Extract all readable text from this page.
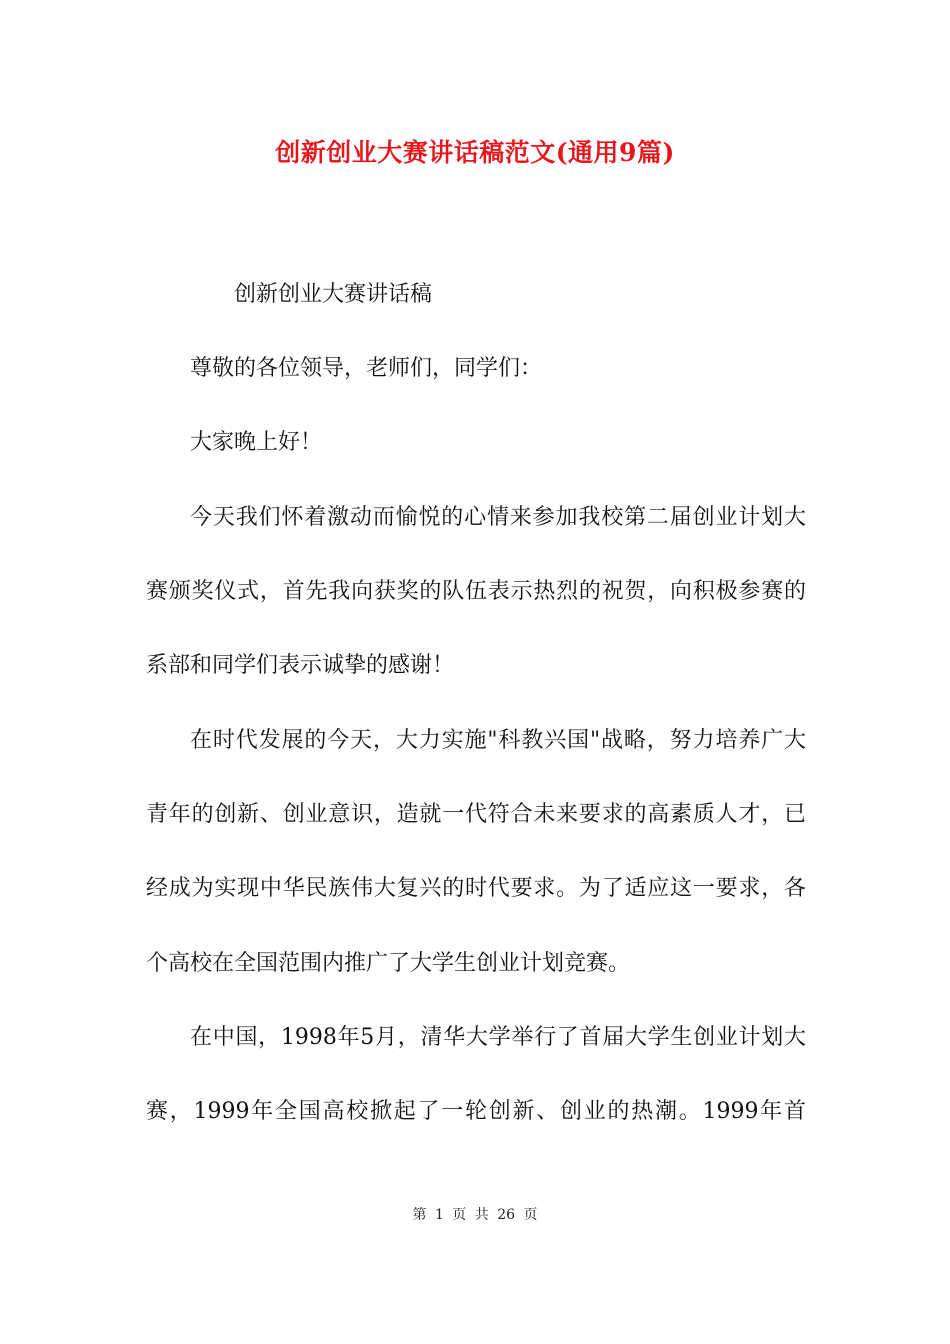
创新创业大赛讲话稿范文(通用9篇)
创新创业大赛讲话稿
尊敬的各位领导，老师们，同学们：
大家晚上好！
今天我们怀着激动而愉悦的心情来参加我校第二届创业计划大
赛颁奖仪式，首先我向获奖的队伍表示热烈的祝贺，向积极参赛的
系部和同学们表示诚挚的感谢！
在时代发展的今天，大力实施"科教兴国"战略，努力培养广大
青年的创新、创业意识，造就一代符合未来要求的高素质人才，已
经成为实现中华民族伟大复兴的时代要求。为了适应这一要求，各
个高校在全国范围内推广了大学生创业计划竞赛。
在中国，1998年5月，清华大学举行了首届大学生创业计划大
赛，1999年全国高校掀起了一轮创新、创业的热潮。1999年首
第 1 页 共 26 页
